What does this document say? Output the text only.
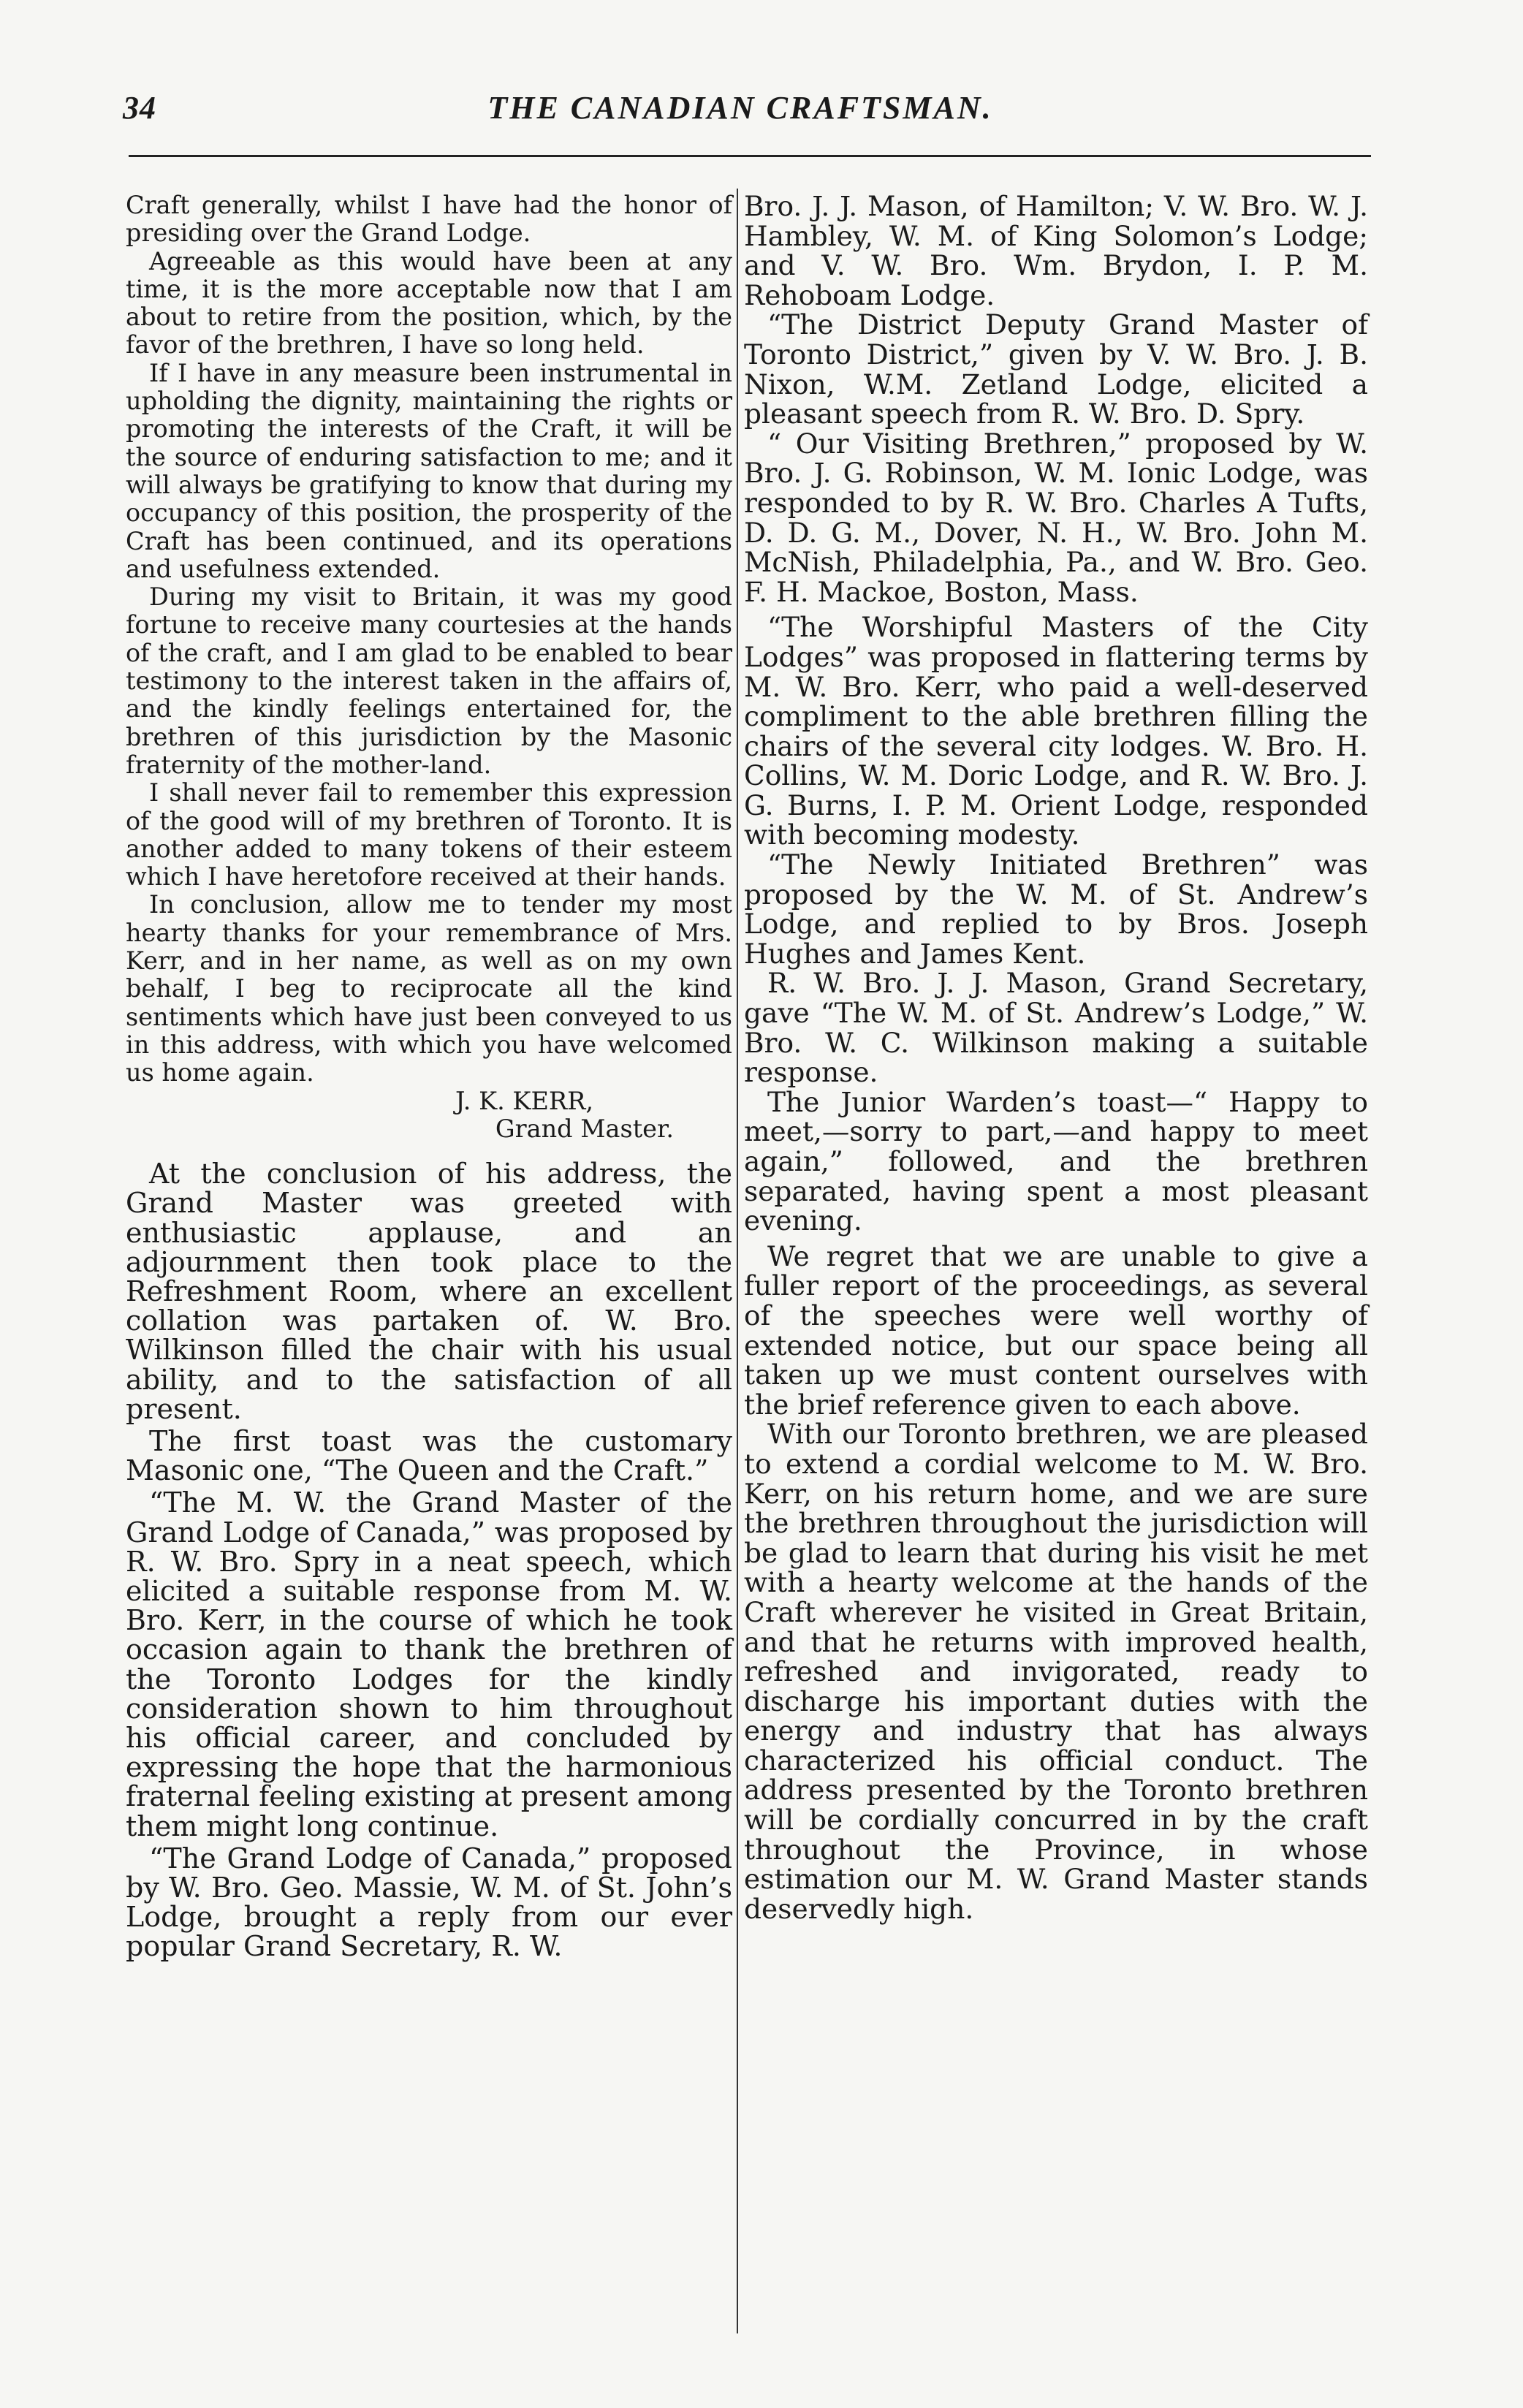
34	THE CANADIAN CRAFTSMAN.

Craft generally, whilst I have had the honor of presiding over the Grand Lodge.

Agreeable as this would have been at any time, it is the more acceptable now that I am about to retire from the position, which, by the favor of the brethren, I have so long held.

If I have in any measure been instrumental in upholding the dignity, maintaining the rights or promoting the interests of the Craft, it will be the source of enduring satisfaction to me; and it will always be gratifying to know that during my occupancy of this position, the prosperity of the Craft has been continued, and its operations and usefulness extended.

During my visit to Britain, it was my good fortune to receive many courtesies at the hands of the craft, and I am glad to be enabled to bear testimony to the interest taken in the affairs of, and the kindly feelings entertained for, the brethren of this jurisdiction by the Masonic fraternity of the mother-land.

I shall never fail to remember this expression of the good will of my brethren of Toronto. It is another added to many tokens of their esteem which I have heretofore received at their hands.

In conclusion, allow me to tender my most hearty thanks for your remembrance of Mrs. Kerr, and in her name, as well as on my own behalf, I beg to reciprocate all the kind sentiments which have just been conveyed to us in this address, with which you have welcomed us home again.

J. K. KERR,
Grand Master.

At the conclusion of his address, the Grand Master was greeted with enthusiastic applause, and an adjournment then took place to the Refreshment Room, where an excellent collation was partaken of. W. Bro. Wilkinson filled the chair with his usual ability, and to the satisfaction of all present.

The first toast was the customary Masonic one, “The Queen and the Craft.”

“The M. W. the Grand Master of the Grand Lodge of Canada,” was proposed by R. W. Bro. Spry in a neat speech, which elicited a suitable response from M. W. Bro. Kerr, in the course of which he took occasion again to thank the brethren of the Toronto Lodges for the kindly consideration shown to him throughout his official career, and concluded by expressing the hope that the harmonious fraternal feeling existing at present among them might long continue.

“The Grand Lodge of Canada,” proposed by W. Bro. Geo. Massie, W. M. of St. John’s Lodge, brought a reply from our ever popular Grand Secretary, R. W.

Bro. J. J. Mason, of Hamilton; V. W. Bro. W. J. Hambley, W. M. of King Solomon’s Lodge; and V. W. Bro. Wm. Brydon, I. P. M. Rehoboam Lodge.

“The District Deputy Grand Master of Toronto District,” given by V. W. Bro. J. B. Nixon, W.M. Zetland Lodge, elicited a pleasant speech from R. W. Bro. D. Spry.

“ Our Visiting Brethren,” proposed by W. Bro. J. G. Robinson, W. M. Ionic Lodge, was responded to by R. W. Bro. Charles A Tufts, D. D. G. M., Dover, N. H., W. Bro. John M. McNish, Philadelphia, Pa., and W. Bro. Geo. F. H. Mackoe, Boston, Mass.

“The Worshipful Masters of the City Lodges” was proposed in flattering terms by M. W. Bro. Kerr, who paid a well-deserved compliment to the able brethren filling the chairs of the several city lodges. W. Bro. H. Collins, W. M. Doric Lodge, and R. W. Bro. J. G. Burns, I. P. M. Orient Lodge, responded with becoming modesty.

“The Newly Initiated Brethren” was proposed by the W. M. of St. Andrew’s Lodge, and replied to by Bros. Joseph Hughes and James Kent.

R. W. Bro. J. J. Mason, Grand Secretary, gave “The W. M. of St. Andrew’s Lodge,” W. Bro. W. C. Wilkinson making a suitable response.

The Junior Warden’s toast—“ Happy to meet,—sorry to part,—and happy to meet again,” followed, and the brethren separated, having spent a most pleasant evening.

We regret that we are unable to give a fuller report of the proceedings, as several of the speeches were well worthy of extended notice, but our space being all taken up we must content ourselves with the brief reference given to each above.

With our Toronto brethren, we are pleased to extend a cordial welcome to M. W. Bro. Kerr, on his return home, and we are sure the brethren throughout the jurisdiction will be glad to learn that during his visit he met with a hearty welcome at the hands of the Craft wherever he visited in Great Britain, and that he returns with improved health, refreshed and invigorated, ready to discharge his important duties with the energy and industry that has always characterized his official conduct. The address presented by the Toronto brethren will be cordially concurred in by the craft throughout the Province, in whose estimation our M. W. Grand Master stands deservedly high.
